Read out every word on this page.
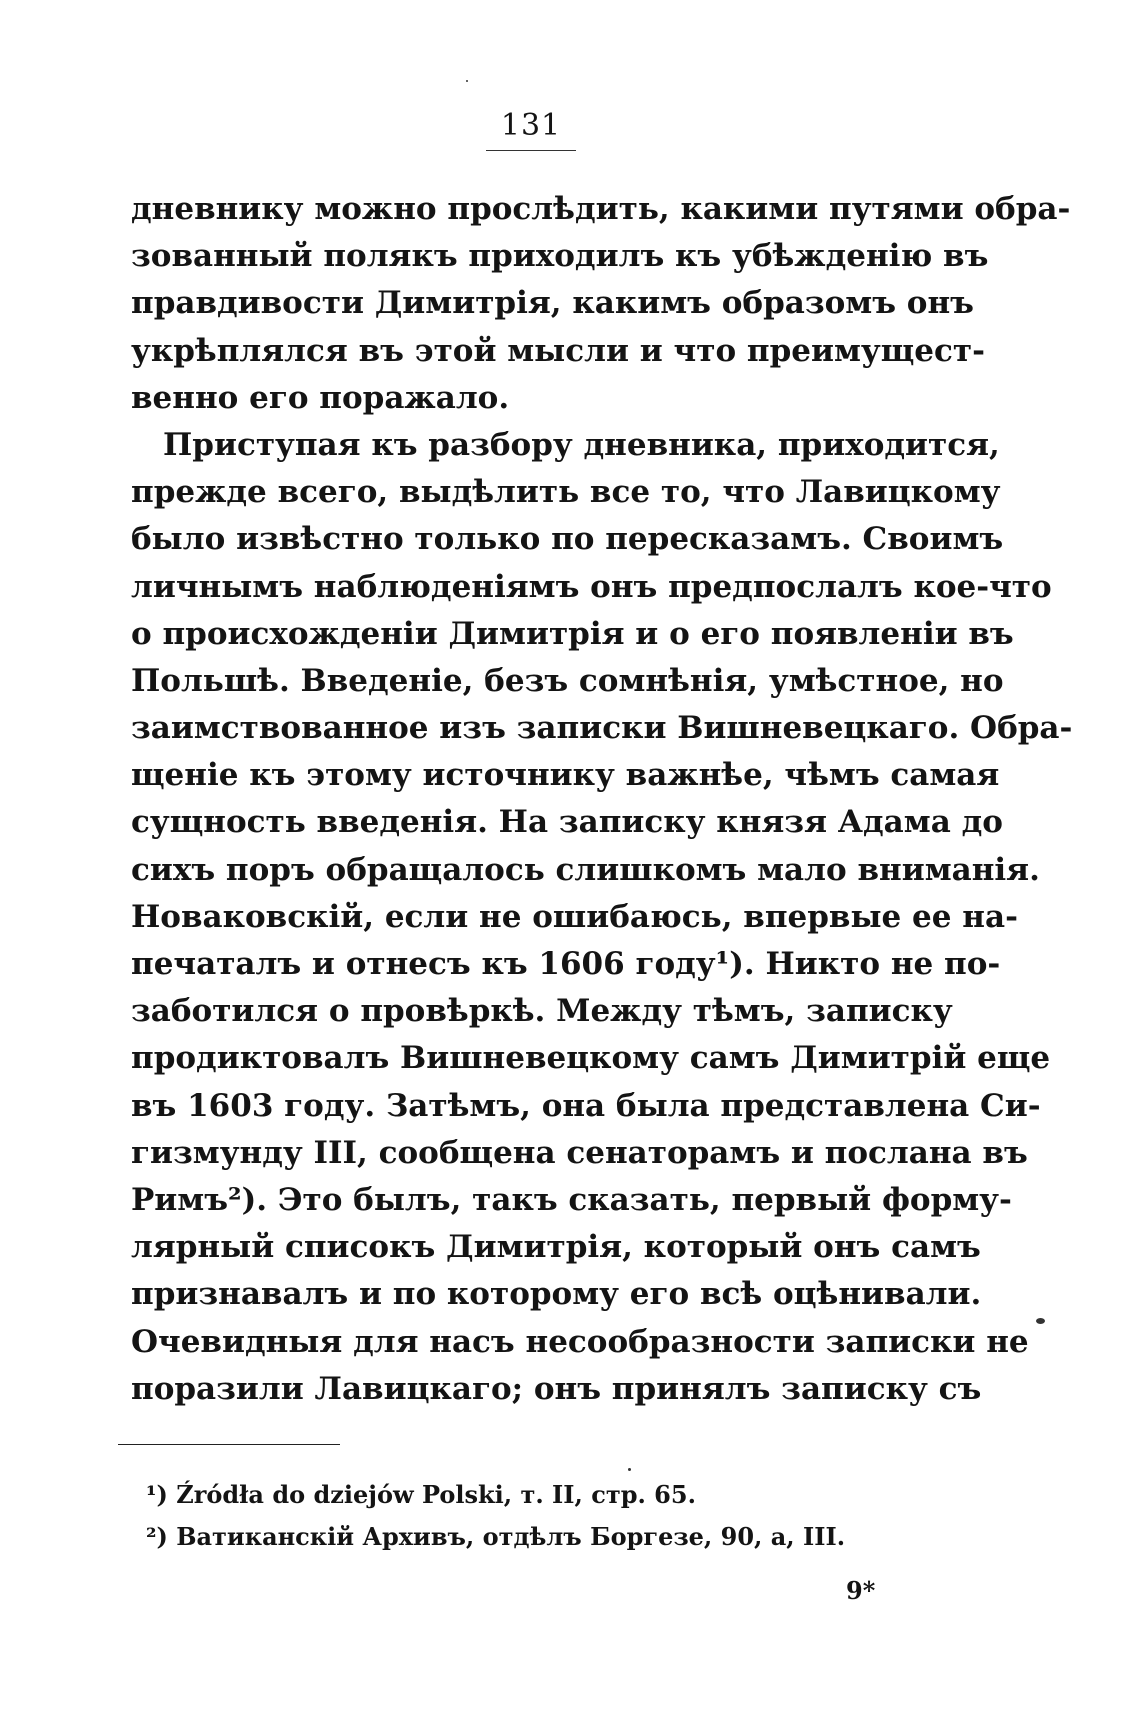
131
дневнику можно прослѣдить, какими путями обра-
зованный полякъ приходилъ къ убѣжденію въ
правдивости Димитрія, какимъ образомъ онъ
укрѣплялся въ этой мысли и что преимущест-
венно его поражало.
Приступая къ разбору дневника, приходится,
прежде всего, выдѣлить все то, что Лавицкому
было извѣстно только по пересказамъ. Своимъ
личнымъ наблюденіямъ онъ предпослалъ кое-что
о происхожденіи Димитрія и о его появленіи въ
Польшѣ. Введеніе, безъ сомнѣнія, умѣстное, но
заимствованное изъ записки Вишневецкаго. Обра-
щеніе къ этому источнику важнѣе, чѣмъ самая
сущность введенія. На записку князя Адама до
сихъ поръ обращалось слишкомъ мало вниманія.
Новаковскій, если не ошибаюсь, впервые ее на-
печаталъ и отнесъ къ 1606 году¹). Никто не по-
заботился о провѣркѣ. Между тѣмъ, записку
продиктовалъ Вишневецкому самъ Димитрій еще
въ 1603 году. Затѣмъ, она была представлена Си-
гизмунду III, сообщена сенаторамъ и послана въ
Римъ²). Это былъ, такъ сказать, первый форму-
лярный списокъ Димитрія, который онъ самъ
признавалъ и по которому его всѣ оцѣнивали.
Очевидныя для насъ несообразности записки не
поразили Лавицкаго; онъ принялъ записку съ
¹) Źródła do dziejów Polski, т. II, стр. 65.
²) Ватиканскій Архивъ, отдѣлъ Боргезе, 90, а, III.
9*
